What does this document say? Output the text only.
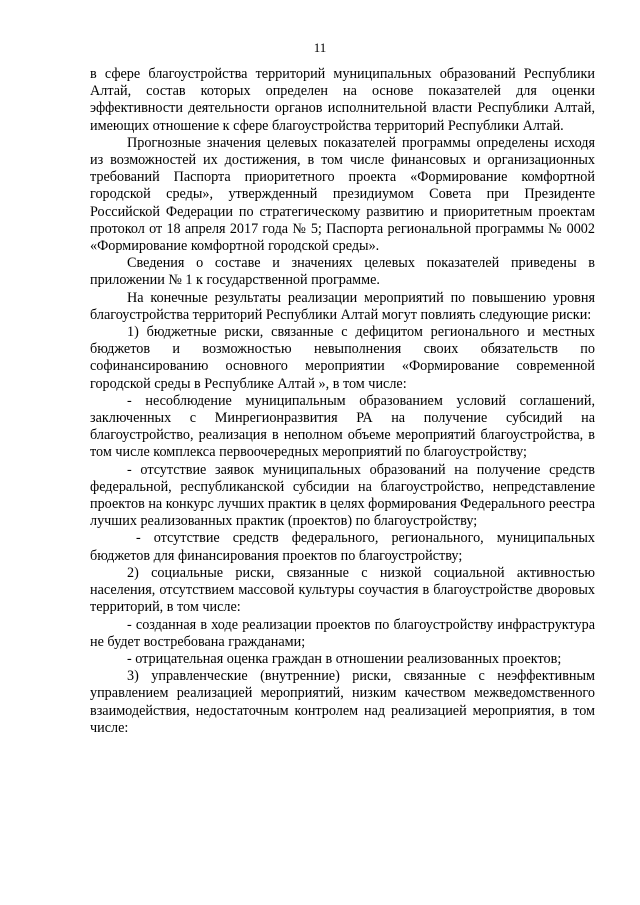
11

в сфере благоустройства территорий муниципальных образований Республики Алтай, состав которых определен на основе показателей для оценки эффективности деятельности органов исполнительной власти Республики Алтай, имеющих отношение к сфере благоустройства территорий Республики Алтай.

Прогнозные значения целевых показателей программы определены исходя из возможностей их достижения, в том числе финансовых и организационных требований Паспорта приоритетного проекта «Формирование комфортной городской среды», утвержденный президиумом Совета при Президенте Российской Федерации по стратегическому развитию и приоритетным проектам протокол от 18 апреля 2017 года № 5; Паспорта региональной программы № 0002 «Формирование комфортной городской среды».

Сведения о составе и значениях целевых показателей приведены в приложении № 1 к государственной программе.

На конечные результаты реализации мероприятий по повышению уровня благоустройства территорий Республики Алтай могут повлиять следующие риски:

1) бюджетные риски, связанные с дефицитом регионального и местных бюджетов и возможностью невыполнения своих обязательств по софинансированию основного мероприятии «Формирование современной городской среды в Республике Алтай », в том числе:

- несоблюдение муниципальным образованием условий соглашений, заключенных с Минрегионразвития РА на получение субсидий на благоустройство, реализация в неполном объеме мероприятий благоустройства, в том числе комплекса первоочередных мероприятий по благоустройству;

- отсутствие заявок муниципальных образований на получение средств федеральной, республиканской субсидии на благоустройство, непредставление проектов на конкурс лучших практик в целях формирования Федерального реестра лучших реализованных практик (проектов) по благоустройству;

- отсутствие средств федерального, регионального, муниципальных бюджетов для финансирования проектов по благоустройству;

2) социальные риски, связанные с низкой социальной активностью населения, отсутствием массовой культуры соучастия в благоустройстве дворовых территорий, в том числе:

- созданная в ходе реализации проектов по благоустройству инфраструктура не будет востребована гражданами;

- отрицательная оценка граждан в отношении реализованных проектов;

3) управленческие (внутренние) риски, связанные с неэффективным управлением реализацией мероприятий, низким качеством межведомственного взаимодействия, недостаточным контролем над реализацией мероприятия, в том числе:
